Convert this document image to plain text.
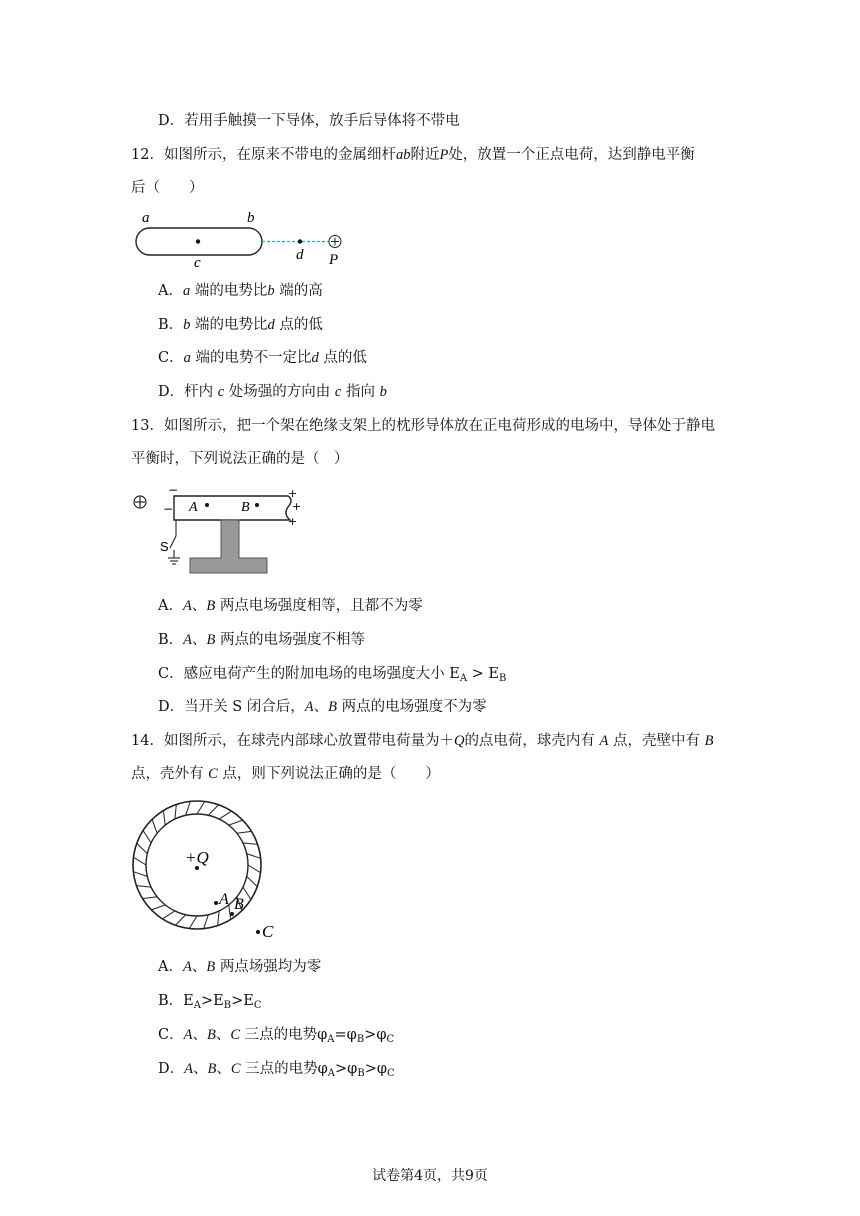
D．若用手触摸一下导体，放手后导体将不带电
12．如图所示，在原来不带电的金属细杆ab附近P处，放置一个正点电荷，达到静电平衡
后（　　）
a	b
c	d P
A．a 端的电势比b 端的高
B．b 端的电势比d 点的低
C．a 端的电势不一定比d 点的低
D．杆内 c 处场强的方向由 c 指向 b
13．如图所示，把一个架在绝缘支架上的枕形导体放在正电荷形成的电场中，导体处于静电
平衡时，下列说法正确的是（　）
A	B
−
−
+
+
+
S
A．A、B 两点电场强度相等，且都不为零
B．A、B 两点的电场强度不相等
C．感应电荷产生的附加电场的电场强度大小 $E_A > E_B$
D．当开关 S 闭合后，A、B 两点的电场强度不为零
14．如图所示，在球壳内部球心放置带电荷量为＋Q的点电荷，球壳内有 A 点，壳壁中有 B
点，壳外有 C 点，则下列说法正确的是（　　）
+Q
A B
C
A．A、B 两点场强均为零
B．$E_A>E_B>E_C$
C．A、B、C 三点的电势$\varphi_A=\varphi_B>\varphi_C$
D．A、B、C 三点的电势$\varphi_A>\varphi_B>\varphi_C$
试卷第4页，共9页
